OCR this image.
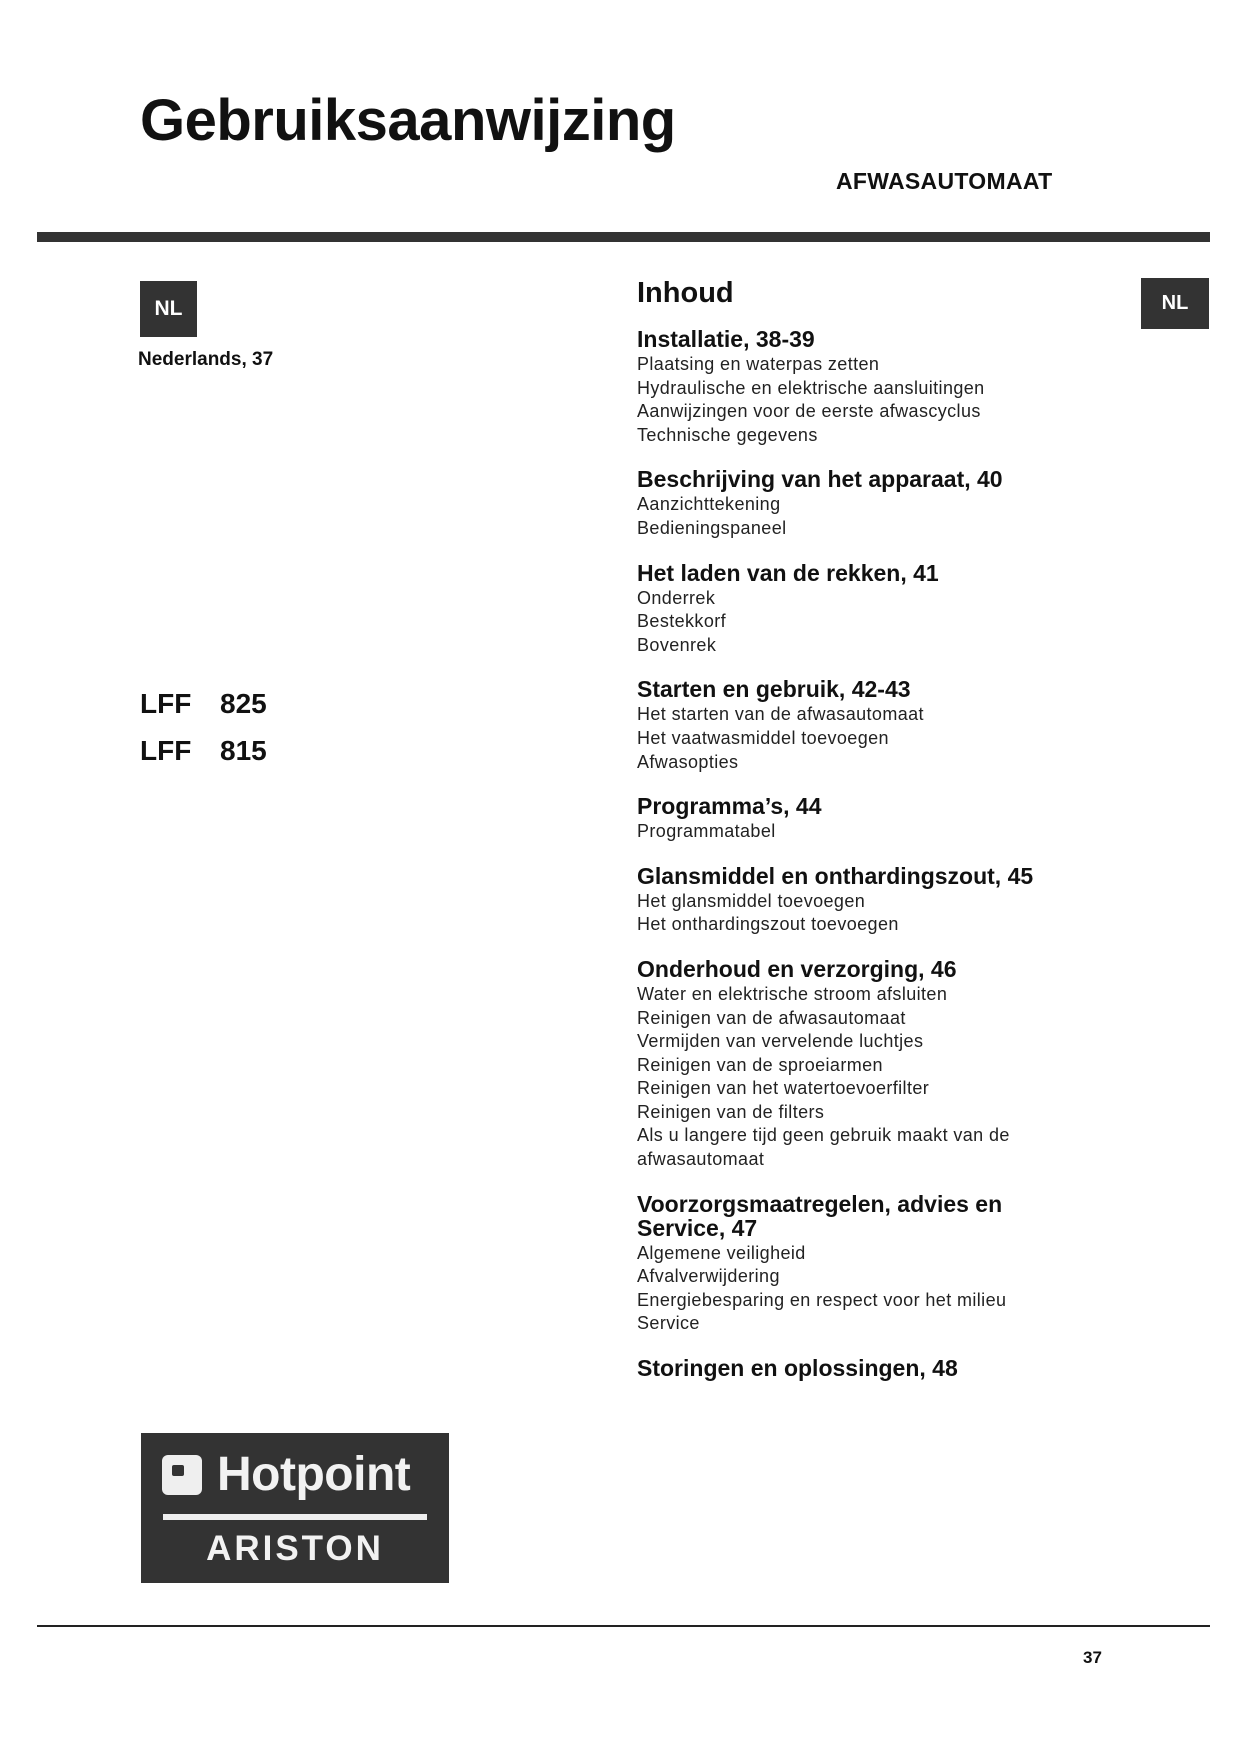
Gebruiksaanwijzing
AFWASAUTOMAAT
NL
Nederlands, 37
NL
LFF 825
LFF 815
Inhoud
Installatie, 38-39
Plaatsing en waterpas zetten
Hydraulische en elektrische aansluitingen
Aanwijzingen voor de eerste afwascyclus
Technische gegevens
Beschrijving van het apparaat, 40
Aanzichttekening
Bedieningspaneel
Het laden van de rekken, 41
Onderrek
Bestekkorf
Bovenrek
Starten en gebruik, 42-43
Het starten van de afwasautomaat
Het vaatwasmiddel toevoegen
Afwasopties
Programma’s, 44
Programmatabel
Glansmiddel en onthardingszout, 45
Het glansmiddel toevoegen
Het onthardingszout toevoegen
Onderhoud en verzorging, 46
Water en elektrische stroom afsluiten
Reinigen van de afwasautomaat
Vermijden van vervelende luchtjes
Reinigen van de sproeiarmen
Reinigen van het watertoevoerfilter
Reinigen van de filters
Als u langere tijd geen gebruik maakt van de afwasautomaat
Voorzorgsmaatregelen, advies en Service, 47
Algemene veiligheid
Afvalverwijdering
Energiebesparing en respect voor het milieu
Service
Storingen en oplossingen, 48
Hotpoint
ARISTON
37
